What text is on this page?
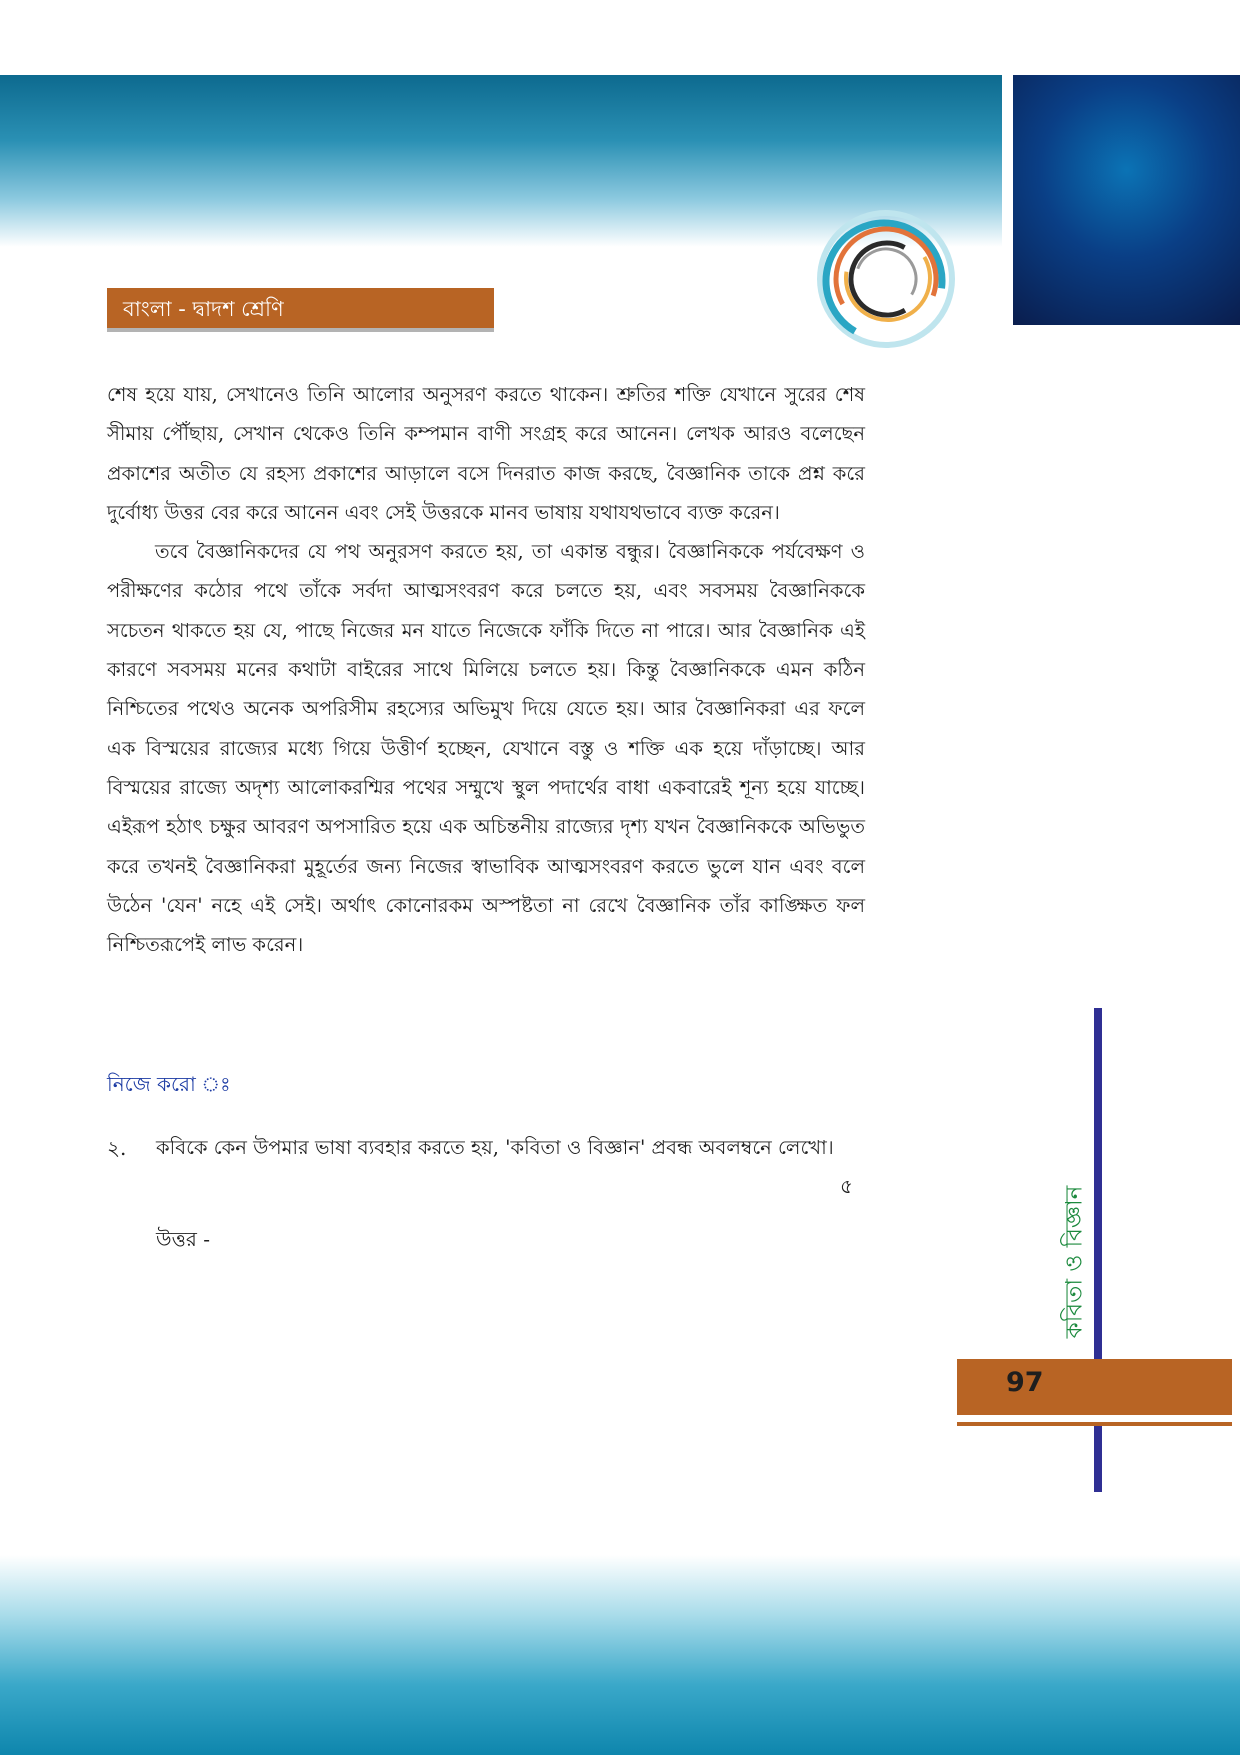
বাংলা - দ্বাদশ শ্রেণি

শেষ হয়ে যায়, সেখানেও তিনি আলোর অনুসরণ করতে থাকেন। শ্রুতির শক্তি যেখানে সুরের শেষ সীমায় পৌঁছায়, সেখান থেকেও তিনি কম্পমান বাণী সংগ্রহ করে আনেন। লেখক আরও বলেছেন প্রকাশের অতীত যে রহস্য প্রকাশের আড়ালে বসে দিনরাত কাজ করছে, বৈজ্ঞানিক তাকে প্রশ্ন করে দুর্বোধ্য উত্তর বের করে আনেন এবং সেই উত্তরকে মানব ভাষায় যথাযথভাবে ব্যক্ত করেন।

তবে বৈজ্ঞানিকদের যে পথ অনুরসণ করতে হয়, তা একান্ত বন্ধুর। বৈজ্ঞানিককে পর্যবেক্ষণ ও পরীক্ষণের কঠোর পথে তাঁকে সর্বদা আত্মসংবরণ করে চলতে হয়, এবং সবসময় বৈজ্ঞানিককে সচেতন থাকতে হয় যে, পাছে নিজের মন যাতে নিজেকে ফাঁকি দিতে না পারে। আর বৈজ্ঞানিক এই কারণে সবসময় মনের কথাটা বাইরের সাথে মিলিয়ে চলতে হয়। কিন্তু বৈজ্ঞানিককে এমন কঠিন নিশ্চিতের পথেও অনেক অপরিসীম রহস্যের অভিমুখ দিয়ে যেতে হয়। আর বৈজ্ঞানিকরা এর ফলে এক বিস্ময়ের রাজ্যের মধ্যে গিয়ে উত্তীর্ণ হচ্ছেন, যেখানে বস্তু ও শক্তি এক হয়ে দাঁড়াচ্ছে। আর বিস্ময়ের রাজ্যে অদৃশ্য আলোকরশ্মির পথের সম্মুখে স্থুল পদার্থের বাধা একবারেই শূন্য হয়ে যাচ্ছে। এইরূপ হঠাৎ চক্ষুর আবরণ অপসারিত হয়ে এক অচিন্তনীয় রাজ্যের দৃশ্য যখন বৈজ্ঞানিককে অভিভুত করে তখনই বৈজ্ঞানিকরা মুহূর্তের জন্য নিজের স্বাভাবিক আত্মসংবরণ করতে ভুলে যান এবং বলে উঠেন 'যেন' নহে এই সেই। অর্থাৎ কোনোরকম অস্পষ্টতা না রেখে বৈজ্ঞানিক তাঁর কাঙ্ক্ষিত ফল নিশ্চিতরূপেই লাভ করেন।

নিজে করো ঃ
২. কবিকে কেন উপমার ভাষা ব্যবহার করতে হয়, 'কবিতা ও বিজ্ঞান' প্রবন্ধ অবলম্বনে লেখো।

৫
উত্তর -	কবিতা ও বিজ্ঞান
97
